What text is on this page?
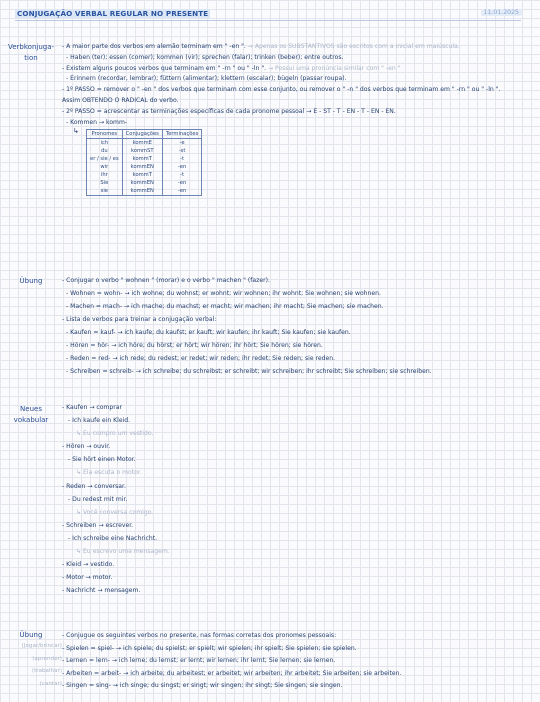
CONJUGAÇÃO VERBAL REGULAR NO PRESENTE	11.01.2025
Verbkonjuga-
tion
- A maior parte dos verbos em alemão terminam em " -en ". → Apenas os SUBSTANTIVOS são escritos com a inicial em maiúscula.
- Haben (ter); essen (comer); kommen (vir); sprechen (falar); trinken (beber); entre outros.
- Existem alguns poucos verbos que terminam em " -rn " ou " -ln ". → Possui uma pronúncia similar com " -en "
- Erinnern (recordar, lembrar); füttern (alimentar); klettern (escalar); bügeln (passar roupa).
- 1º PASSO = remover o " -en " dos verbos que terminam com esse conjunto, ou remover o " -n " dos verbos que terminam em " -rn " ou " -ln ".
Assim OBTENDO O RADICAL do verbo.
- 2º PASSO = acrescentar as terminações específicas de cada pronome pessoal → E - ST - T - EN - T - EN - EN.
- Kommen → komm-
↳ Pronomes	Conjugações	Terminações
ich	kommE	-e
du	kommST	-st
er / sie / es	kommT	-t
wir	kommEN	-en
ihr	kommT	-t
Sie	kommEN	-en
sie	kommEN	-en
Übung	- Conjugar o verbo " wohnen " (morar) e o verbo " machen " (fazer).
- Wohnen = wohn- → ich wohne; du wohnst; er wohnt; wir wohnen; ihr wohnt; Sie wohnen; sie wohnen.
- Machen = mach- → ich mache; du machst; er macht; wir machen; ihr macht; Sie machen; sie machen.
- Lista de verbos para treinar a conjugação verbal:
- Kaufen = kauf- → ich kaufe; du kaufst; er kauft; wir kaufen; ihr kauft; Sie kaufen; sie kaufen.
- Hören = hör- → ich höre; du hörst; er hört; wir hören; ihr hört; Sie hören; sie hören.
- Reden = red- → ich rede; du redest; er redet; wir reden; ihr redet; Sie reden; sie reden.
- Schreiben = schreib- → ich schreibe; du schreibst; er schreibt; wir schreiben; ihr schreibt; Sie schreiben; sie schreiben.
Neues
vokabular
- Kaufen → comprar
- Ich kaufe ein Kleid.
↳ Eu compro um vestido.
- Hören → ouvir.
- Sie hört einen Motor.
↳ Ela escuta o motor.
- Reden → conversar.
- Du redest mit mir.
↳ Você conversa comigo.
- Schreiben → escrever.
- Ich schreibe eine Nachricht.
↳ Eu escrevo uma mensagem.
- Kleid → vestido.
- Motor → motor.
- Nachricht → mensagem.
Übung
(Jogar/brincar)
(aprender)
(trabalhar)
(cantar)
- Conjugue os seguintes verbos no presente, nas formas corretas dos pronomes pessoais:
- Spielen = spiel- → ich spiele; du spielst; er spielt; wir spielen; ihr spielt; Sie spielen; sie spielen.
- Lernen = lern- → ich lerne; du lernst; er lernt; wir lernen; ihr lernt; Sie lernen; sie lernen.
- Arbeiten = arbeit- → ich arbeite; du arbeitest; er arbeitet; wir arbeiten; ihr arbeitet; Sie arbeiten; sie arbeiten.
- Singen = sing- → ich singe; du singst; er singt; wir singen; ihr singt; Sie singen; sie singen.
